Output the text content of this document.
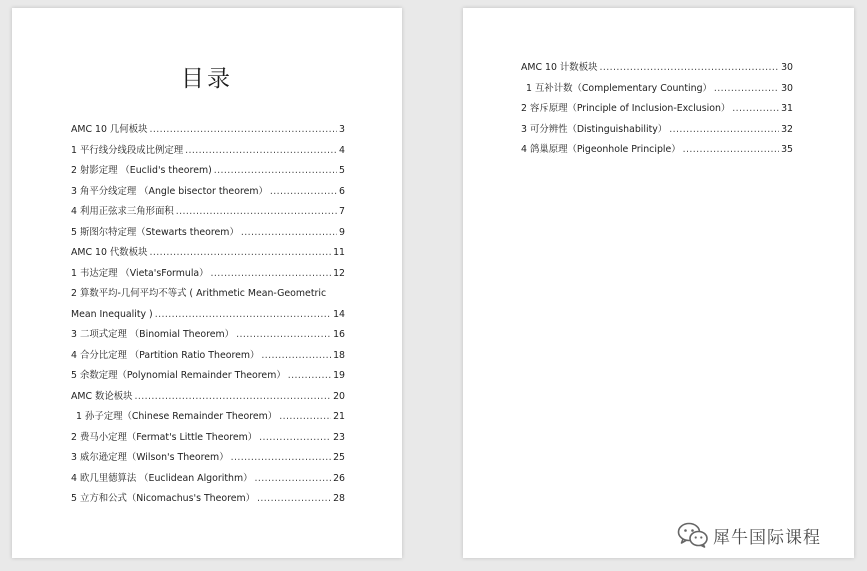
目录
AMC 10 几何板块 .....	3
1 平行线分线段成比例定理 .....	4
2 射影定理 （Euclid's theorem) .....	5
3 角平分线定理 （Angle bisector theorem） .....	6
4 利用正弦求三角形面积 .....	7
5 斯图尔特定理（Stewarts theorem） .....	9
AMC 10 代数板块 .....	11
1 韦达定理 （Vieta'sFormula） .....	12
2 算数平均-几何平均不等式 ( Arithmetic Mean-Geometric
Mean Inequality ) .....	14
3 二项式定理 （Binomial Theorem） .....	16
4 合分比定理 （Partition Ratio Theorem） .....	18
5 余数定理（Polynomial Remainder Theorem） .....	19
AMC 数论板块 .....	20
1 孙子定理（Chinese Remainder Theorem） .....	21
2 费马小定理（Fermat's Little Theorem） .....	23
3 威尔逊定理（Wilson's Theorem） .....	25
4 欧几里德算法 （Euclidean Algorithm） .....	26
5 立方和公式（Nicomachus's Theorem） .....	28
AMC 10 计数板块 .....	30
1 互补计数（Complementary Counting） .....	30
2 容斥原理（Principle of Inclusion-Exclusion） .....	31
3 可分辨性（Distinguishability） .....	32
4 鸽巢原理（Pigeonhole Principle） .....	35
犀牛国际课程
